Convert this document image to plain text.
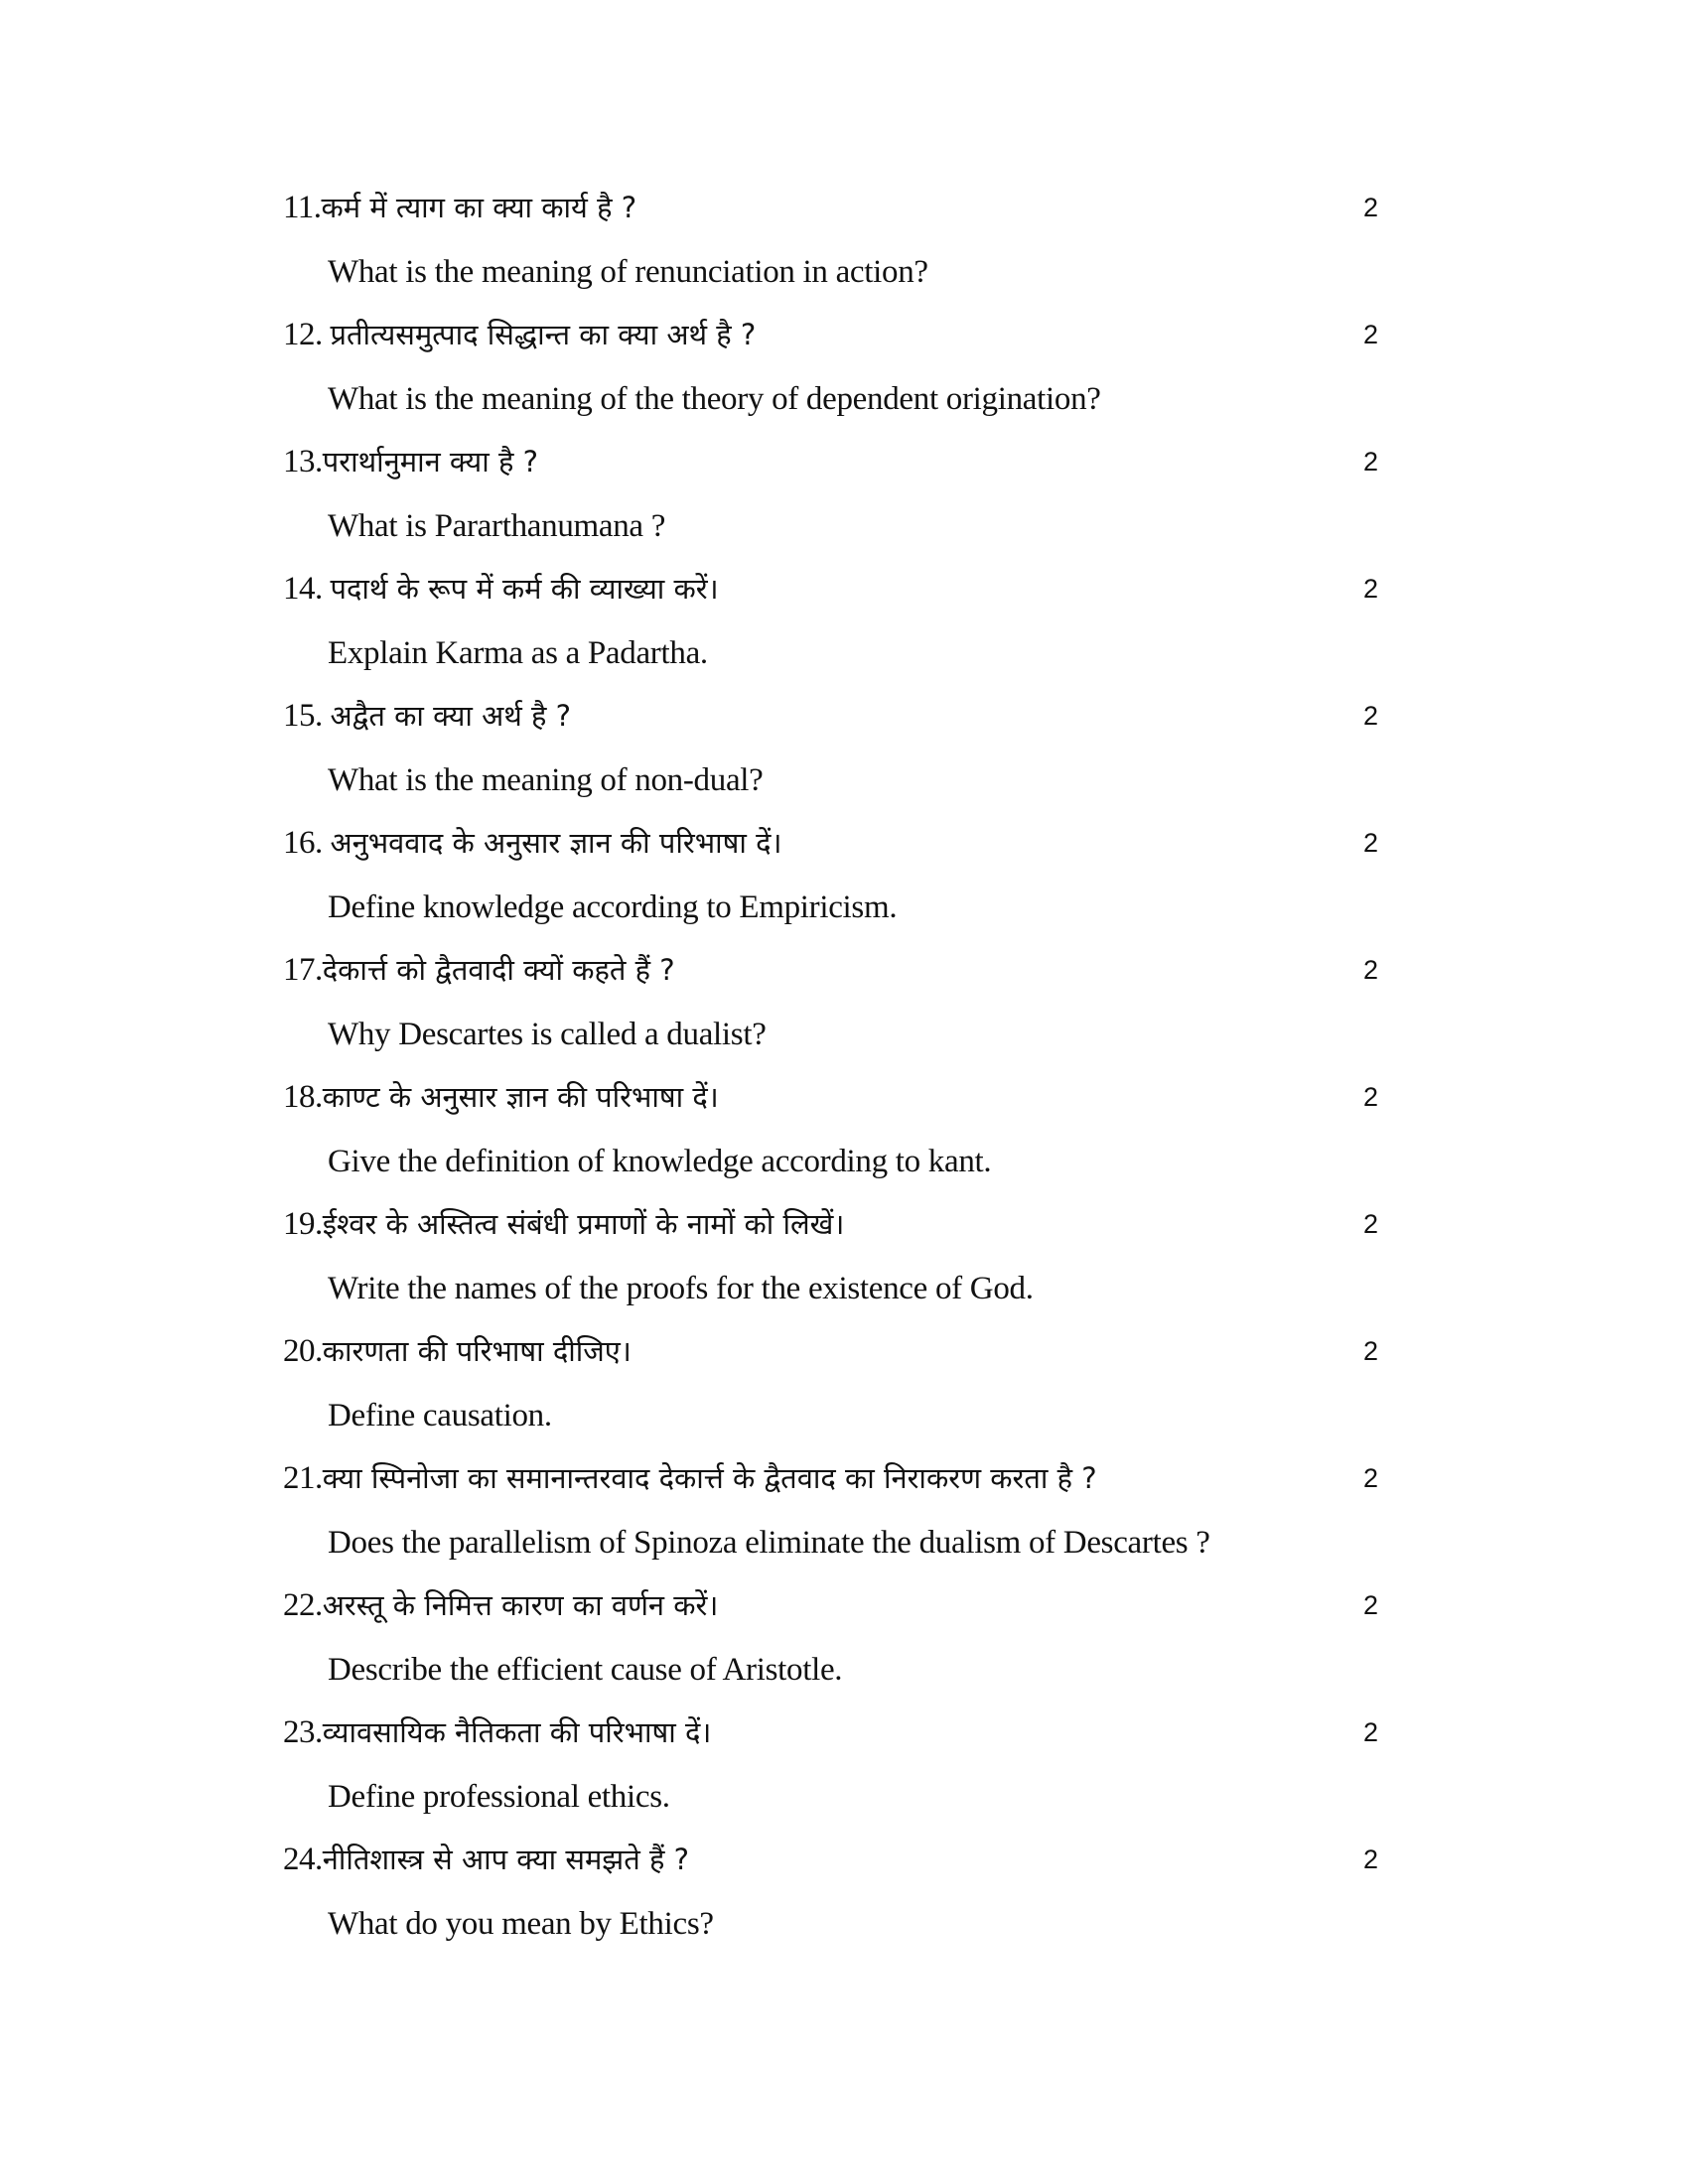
11.कर्म में त्याग का क्या कार्य है ?	2
What is the meaning of renunciation in action?
12. प्रतीत्यसमुत्पाद सिद्धान्त का क्या अर्थ है ?	2
What is the meaning of the theory of dependent origination?
13.परार्थानुमान क्या है ?	2
What is Pararthanumana ?
14. पदार्थ के रूप में कर्म की व्याख्या करें।	2
Explain Karma as a Padartha.
15. अद्वैत का क्या अर्थ है ?	2
What is the meaning of non-dual?
16. अनुभववाद के अनुसार ज्ञान की परिभाषा दें।	2
Define knowledge according to Empiricism.
17.देकार्त्त को द्वैतवादी क्यों कहते हैं ?	2
Why Descartes is called a dualist?
18.काण्ट के अनुसार ज्ञान की परिभाषा दें।	2
Give the definition of knowledge according to kant.
19.ईश्वर के अस्तित्व संबंधी प्रमाणों के नामों को लिखें।	2
Write the names of the proofs for the existence of God.
20.कारणता की परिभाषा दीजिए।	2
Define causation.
21.क्या स्पिनोजा का समानान्तरवाद देकार्त्त के द्वैतवाद का निराकरण करता है ?	2
Does the parallelism of Spinoza eliminate the dualism of Descartes ?
22.अरस्तू के निमित्त कारण का वर्णन करें।	2
Describe the efficient cause of Aristotle.
23.व्यावसायिक नैतिकता की परिभाषा दें।	2
Define professional ethics.
24.नीतिशास्त्र से आप क्या समझते हैं ?	2
What do you mean by Ethics?
